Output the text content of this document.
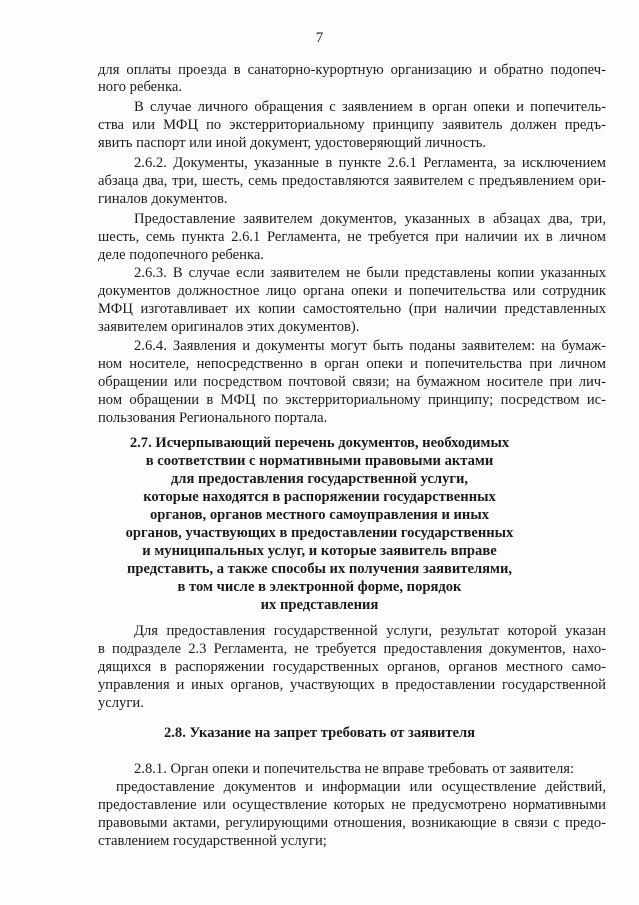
7
для оплаты проезда в санаторно-курортную организацию и обратно подопеч-
ного ребенка.
В случае личного обращения с заявлением в орган опеки и попечитель-
ства или МФЦ по экстерриториальному принципу заявитель должен предъ-
явить паспорт или иной документ, удостоверяющий личность.
2.6.2. Документы, указанные в пункте 2.6.1 Регламента, за исключением
абзаца два, три, шесть, семь предоставляются заявителем с предъявлением ори-
гиналов документов.
Предоставление заявителем документов, указанных в абзацах два, три,
шесть, семь пункта 2.6.1 Регламента, не требуется при наличии их в личном
деле подопечного ребенка.
2.6.3. В случае если заявителем не были представлены копии указанных
документов должностное лицо органа опеки и попечительства или сотрудник
МФЦ изготавливает их копии самостоятельно (при наличии представленных
заявителем оригиналов этих документов).
2.6.4. Заявления и документы могут быть поданы заявителем: на бумаж-
ном носителе, непосредственно в орган опеки и попечительства при личном
обращении или посредством почтовой связи; на бумажном носителе при лич-
ном обращении в МФЦ по экстерриториальному принципу; посредством ис-
пользования Регионального портала.
2.7. Исчерпывающий перечень документов, необходимых
в соответствии с нормативными правовыми актами
для предоставления государственной услуги,
которые находятся в распоряжении государственных
органов, органов местного самоуправления и иных
органов, участвующих в предоставлении государственных
и муниципальных услуг, и которые заявитель вправе
представить, а также способы их получения заявителями,
в том числе в электронной форме, порядок
их представления
Для предоставления государственной услуги, результат которой указан
в подразделе 2.3 Регламента, не требуется предоставления документов, нахо-
дящихся в распоряжении государственных органов, органов местного само-
управления и иных органов, участвующих в предоставлении государственной
услуги.
2.8. Указание на запрет требовать от заявителя
2.8.1. Орган опеки и попечительства не вправе требовать от заявителя:
предоставление документов и информации или осуществление действий,
предоставление или осуществление которых не предусмотрено нормативными
правовыми актами, регулирующими отношения, возникающие в связи с предо-
ставлением государственной услуги;
